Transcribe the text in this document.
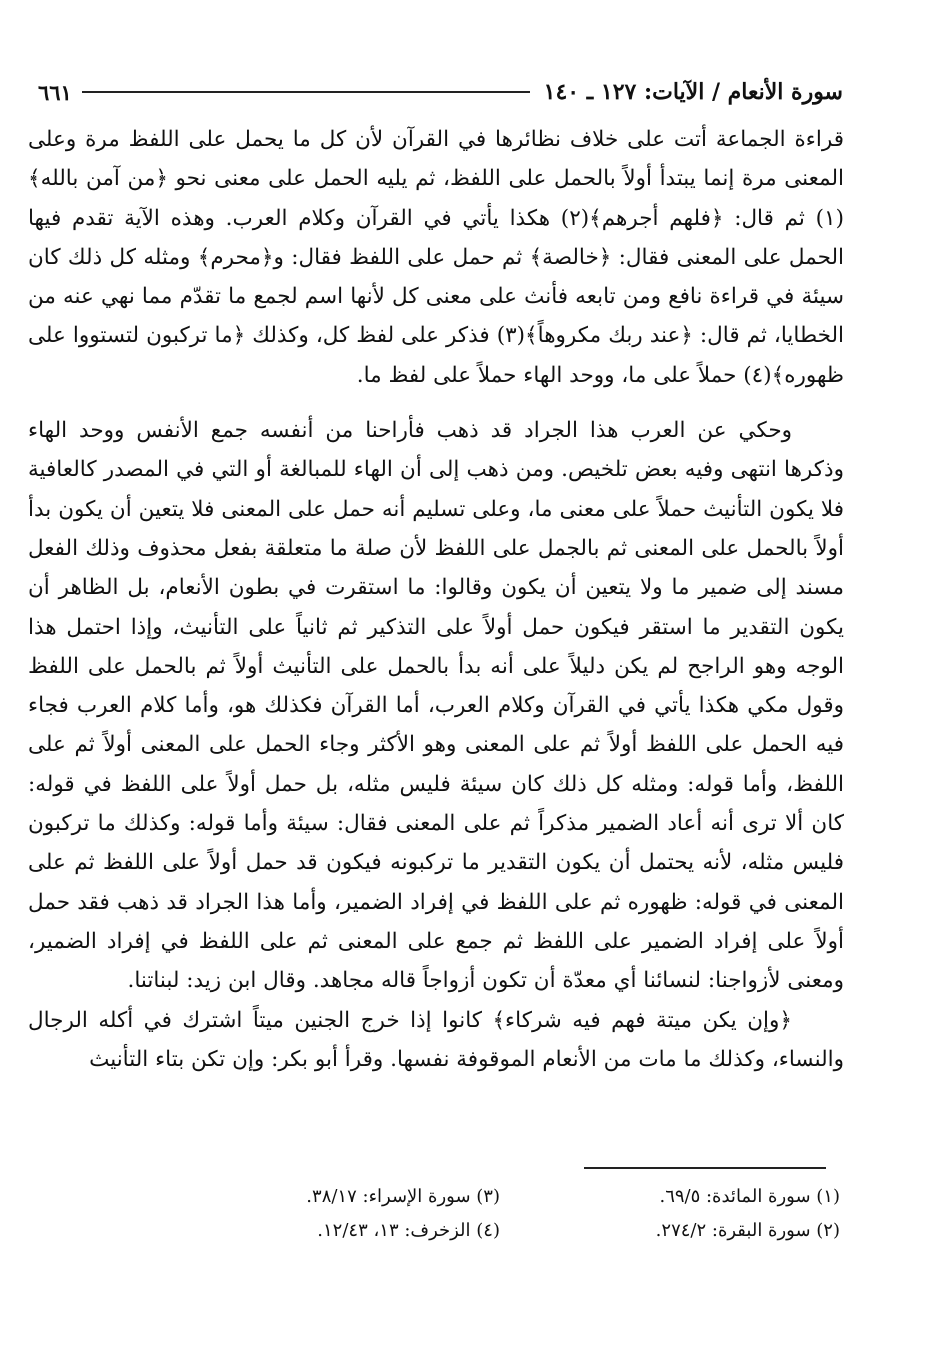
سورة الأنعام / الآيات: ١٢٧ ـ ١٤٠
٦٦١

قراءة الجماعة أتت على خلاف نظائرها في القرآن لأن كل ما يحمل على اللفظ مرة وعلى المعنى مرة إنما يبتدأ أولاً بالحمل على اللفظ، ثم يليه الحمل على معنى نحو ﴿من آمن بالله﴾(١) ثم قال: ﴿فلهم أجرهم﴾(٢) هكذا يأتي في القرآن وكلام العرب. وهذه الآية تقدم فيها الحمل على المعنى فقال: ﴿خالصة﴾ ثم حمل على اللفظ فقال: و﴿محرم﴾ ومثله كل ذلك كان سيئة في قراءة نافع ومن تابعه فأنث على معنى كل لأنها اسم لجمع ما تقدّم مما نهي عنه من الخطايا، ثم قال: ﴿عند ربك مكروهاً﴾(٣) فذكر على لفظ كل، وكذلك ﴿ما تركبون لتستووا على ظهوره﴾(٤) حملاً على ما، ووحد الهاء حملاً على لفظ ما.

وحكي عن العرب هذا الجراد قد ذهب فأراحنا من أنفسه جمع الأنفس ووحد الهاء وذكرها انتهى وفيه بعض تلخيص. ومن ذهب إلى أن الهاء للمبالغة أو التي في المصدر كالعافية فلا يكون التأنيث حملاً على معنى ما، وعلى تسليم أنه حمل على المعنى فلا يتعين أن يكون بدأ أولاً بالحمل على المعنى ثم بالجمل على اللفظ لأن صلة ما متعلقة بفعل محذوف وذلك الفعل مسند إلى ضمير ما ولا يتعين أن يكون وقالوا: ما استقرت في بطون الأنعام، بل الظاهر أن يكون التقدير ما استقر فيكون حمل أولاً على التذكير ثم ثانياً على التأنيث، وإذا احتمل هذا الوجه وهو الراجح لم يكن دليلاً على أنه بدأ بالحمل على التأنيث أولاً ثم بالحمل على اللفظ وقول مكي هكذا يأتي في القرآن وكلام العرب، أما القرآن فكذلك هو، وأما كلام العرب فجاء فيه الحمل على اللفظ أولاً ثم على المعنى وهو الأكثر وجاء الحمل على المعنى أولاً ثم على اللفظ، وأما قوله: ومثله كل ذلك كان سيئة فليس مثله، بل حمل أولاً على اللفظ في قوله: كان ألا ترى أنه أعاد الضمير مذكراً ثم على المعنى فقال: سيئة وأما قوله: وكذلك ما تركبون فليس مثله، لأنه يحتمل أن يكون التقدير ما تركبونه فيكون قد حمل أولاً على اللفظ ثم على المعنى في قوله: ظهوره ثم على اللفظ في إفراد الضمير، وأما هذا الجراد قد ذهب فقد حمل أولاً على إفراد الضمير على اللفظ ثم جمع على المعنى ثم على اللفظ في إفراد الضمير، ومعنى لأزواجنا: لنسائنا أي معدّة أن تكون أزواجاً قاله مجاهد. وقال ابن زيد: لبناتنا.

﴿وإن يكن ميتة فهم فيه شركاء﴾ كانوا إذا خرج الجنين ميتاً اشترك في أكله الرجال والنساء، وكذلك ما مات من الأنعام الموقوفة نفسها. وقرأ أبو بكر: وإن تكن بتاء التأنيث

(١) سورة المائدة: ٦٩/٥.
(٣) سورة الإسراء: ٣٨/١٧.
(٢) سورة البقرة: ٢٧٤/٢.
(٤) الزخرف: ١٣، ١٢/٤٣.
